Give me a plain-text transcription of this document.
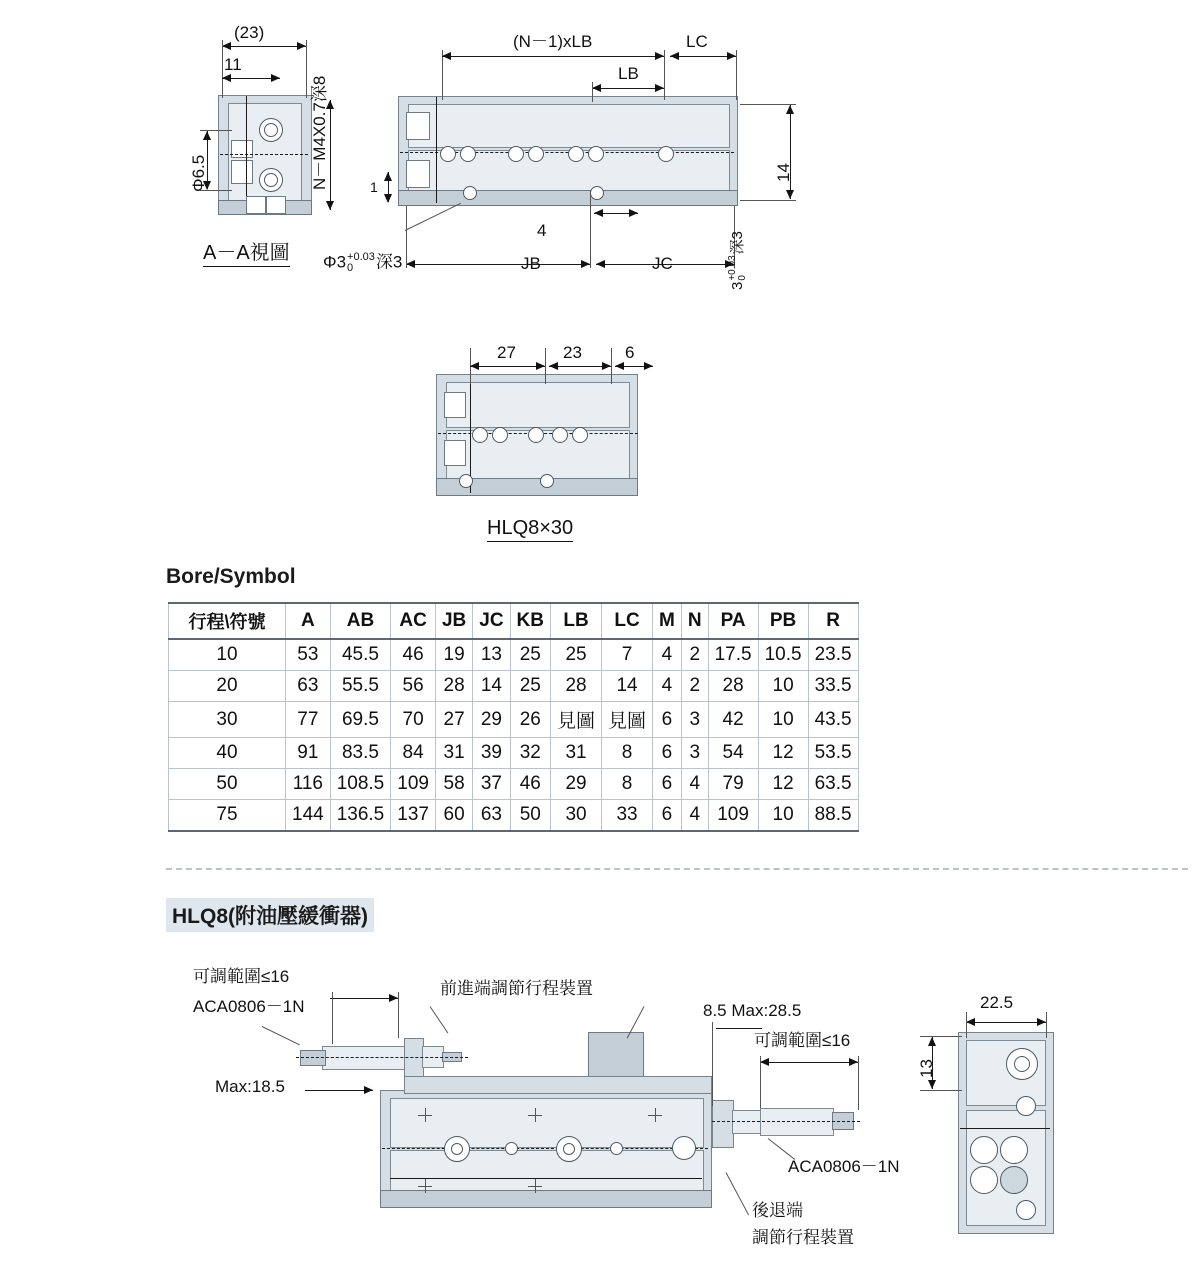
(23)
11
Φ6.5	N－M4X0.7深8
A－A視圖
(N－1)xLB
LB
LC
1
Φ3 +0.03
0	深3	JB	JC
4
14
3
+0.03 0
深3
27	23	6
HLQ8×30
Bore/Symbol
行程\符號	A	AB	AC	JB	JC	KB	LB	LC	M	N	PA	PB	R
10	53	45.5	46	19	13	25	25	7	4	2	17.5	10.5	23.5
20	63	55.5	56	28	14	25	28	14	4	2	28	10	33.5
30	77	69.5	70	27	29	26	見圖	見圖	6	3	42	10	43.5
40	91	83.5	84	31	39	32	31	8	6	3	54	12	53.5
50	116	108.5	109	58	37	46	29	8	6	4	79	12	63.5
75	144	136.5	137	60	63	50	30	33	6	4	109	10	88.5
HLQ8(附油壓緩衝器)
可調範圍≤16
ACA0806－1N
Max:18.5
前進端調節行程裝置
8.5 Max:28.5
可調範圍≤16
ACA0806－1N
後退端
調節行程裝置
22.5
13
